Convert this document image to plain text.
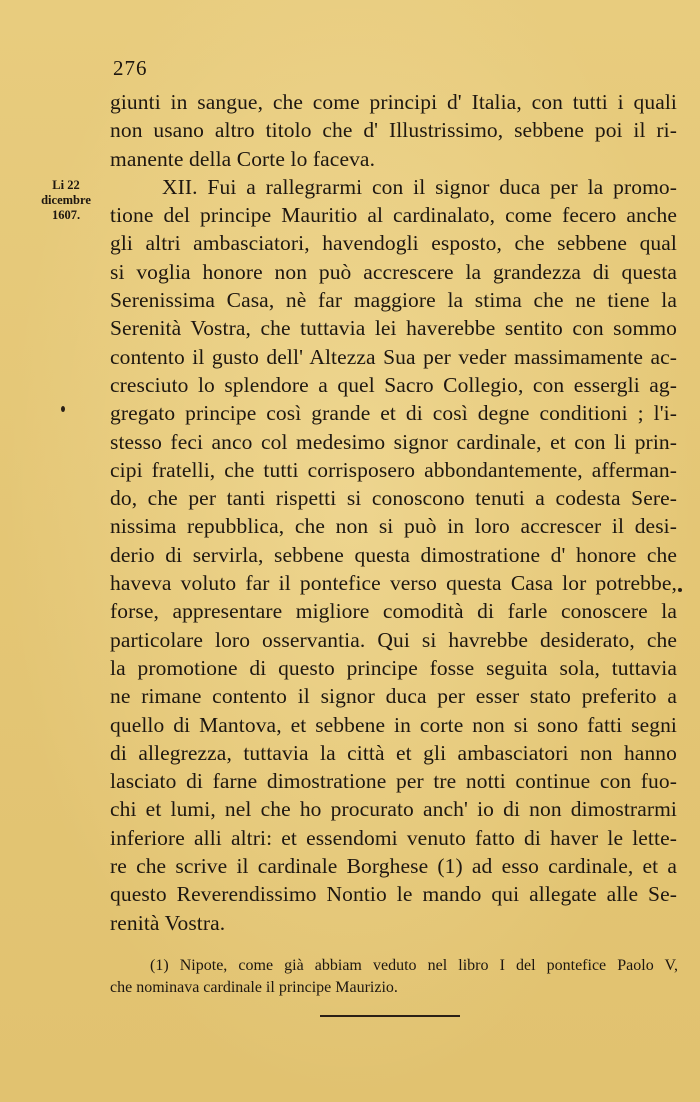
276
Li 22
dicembre
1607.
giunti in sangue, che come principi d' Italia, con tutti i quali
non usano altro titolo che d' Illustrissimo, sebbene poi il ri-
manente della Corte lo faceva.
XII. Fui a rallegrarmi con il signor duca per la promo-
tione del principe Mauritio al cardinalato, come fecero anche
gli altri ambasciatori, havendogli esposto, che sebbene qual
si voglia honore non può accrescere la grandezza di questa
Serenissima Casa, nè far maggiore la stima che ne tiene la
Serenità Vostra, che tuttavia lei haverebbe sentito con sommo
contento il gusto dell' Altezza Sua per veder massimamente ac-
cresciuto lo splendore a quel Sacro Collegio, con essergli ag-
gregato principe così grande et di così degne conditioni ; l'i-
stesso feci anco col medesimo signor cardinale, et con li prin-
cipi fratelli, che tutti corrisposero abbondantemente, afferman-
do, che per tanti rispetti si conoscono tenuti a codesta Sere-
nissima repubblica, che non si può in loro accrescer il desi-
derio di servirla, sebbene questa dimostratione d' honore che
haveva voluto far il pontefice verso questa Casa lor potrebbe,
forse, appresentare migliore comodità di farle conoscere la
particolare loro osservantia. Qui si havrebbe desiderato, che
la promotione di questo principe fosse seguita sola, tuttavia
ne rimane contento il signor duca per esser stato preferito a
quello di Mantova, et sebbene in corte non si sono fatti segni
di allegrezza, tuttavia la città et gli ambasciatori non hanno
lasciato di farne dimostratione per tre notti continue con fuo-
chi et lumi, nel che ho procurato anch' io di non dimostrarmi
inferiore alli altri: et essendomi venuto fatto di haver le lette-
re che scrive il cardinale Borghese (1) ad esso cardinale, et a
questo Reverendissimo Nontio le mando qui allegate alle Se-
renità Vostra.
(1) Nipote, come già abbiam veduto nel libro I del pontefice Paolo V,
che nominava cardinale il principe Maurizio.
